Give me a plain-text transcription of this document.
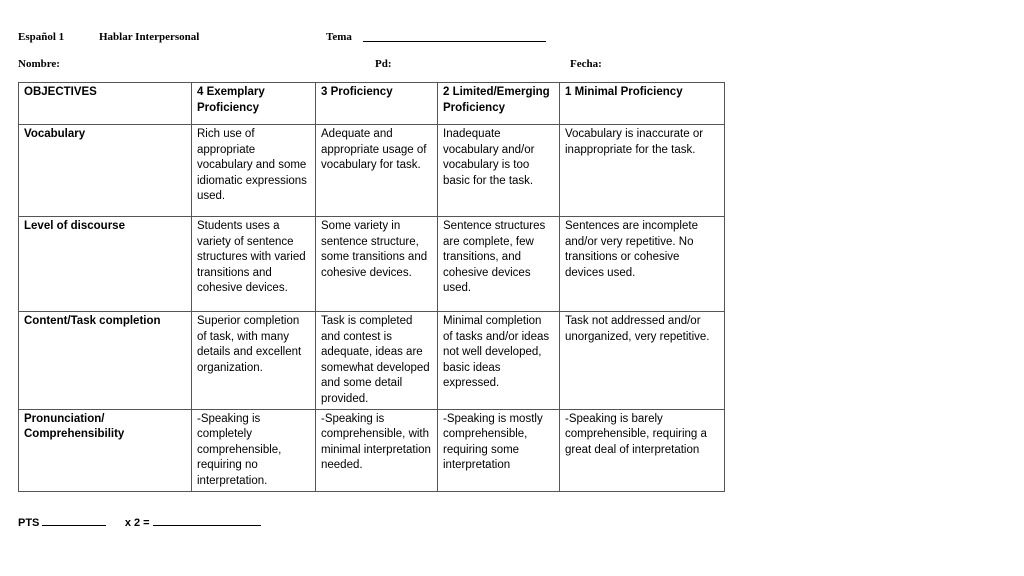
Español 1	Hablar Interpersonal	Tema
Nombre:	Pd:	Fecha:
OBJECTIVES	4 Exemplary Proficiency	3 Proficiency	2 Limited/Emerging Proficiency	1 Minimal Proficiency
Vocabulary	Rich use of appropriate vocabulary and some idiomatic expressions used.	Adequate and appropriate usage of vocabulary for task.	Inadequate vocabulary and/or vocabulary is too basic for the task.	Vocabulary is inaccurate or inappropriate for the task.
Level of discourse	Students uses a variety of sentence structures with varied transitions and cohesive devices.	Some variety in sentence structure, some transitions and cohesive devices.	Sentence structures are complete, few transitions, and cohesive devices used.	Sentences are incomplete and/or very repetitive. No transitions or cohesive devices used.
Content/Task completion	Superior completion of task, with many details and excellent organization.	Task is completed and contest is adequate, ideas are somewhat developed and some detail provided.	Minimal completion of tasks and/or ideas not well developed, basic ideas expressed.	Task not addressed and/or unorganized, very repetitive.
Pronunciation/ Comprehensibility	-Speaking is completely comprehensible, requiring no interpretation.	-Speaking is comprehensible, with minimal interpretation needed.	-Speaking is mostly comprehensible, requiring some interpretation	-Speaking is barely comprehensible, requiring a great deal of interpretation
PTS	x 2 =
